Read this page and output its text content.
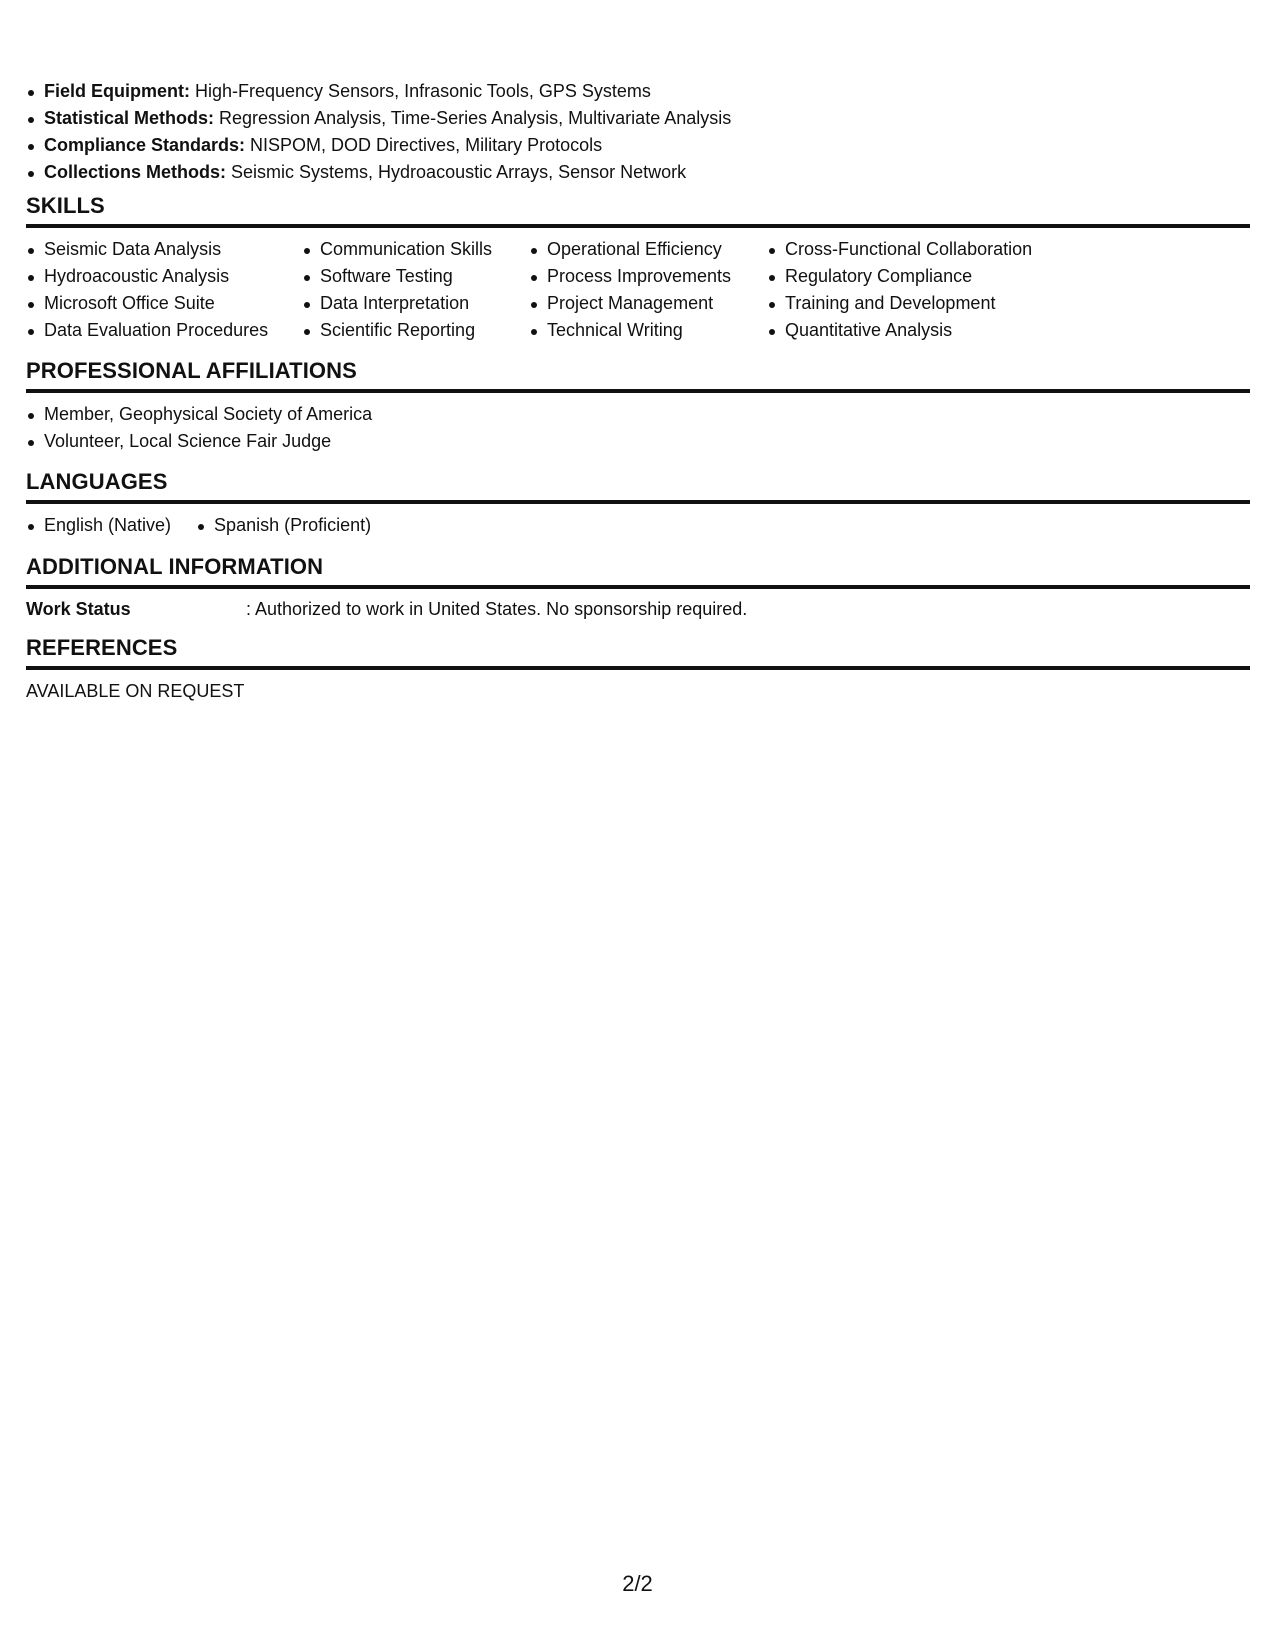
Field Equipment: High-Frequency Sensors, Infrasonic Tools, GPS Systems
Statistical Methods: Regression Analysis, Time-Series Analysis, Multivariate Analysis
Compliance Standards: NISPOM, DOD Directives, Military Protocols
Collections Methods: Seismic Systems, Hydroacoustic Arrays, Sensor Network
SKILLS
Seismic Data Analysis
Hydroacoustic Analysis
Microsoft Office Suite
Data Evaluation Procedures
Communication Skills
Software Testing
Data Interpretation
Scientific Reporting
Operational Efficiency
Process Improvements
Project Management
Technical Writing
Cross-Functional Collaboration
Regulatory Compliance
Training and Development
Quantitative Analysis
PROFESSIONAL AFFILIATIONS
Member, Geophysical Society of America
Volunteer, Local Science Fair Judge
LANGUAGES
English (Native)	Spanish (Proficient)
ADDITIONAL INFORMATION
Work Status	: Authorized to work in United States. No sponsorship required.
REFERENCES
AVAILABLE ON REQUEST
2/2
